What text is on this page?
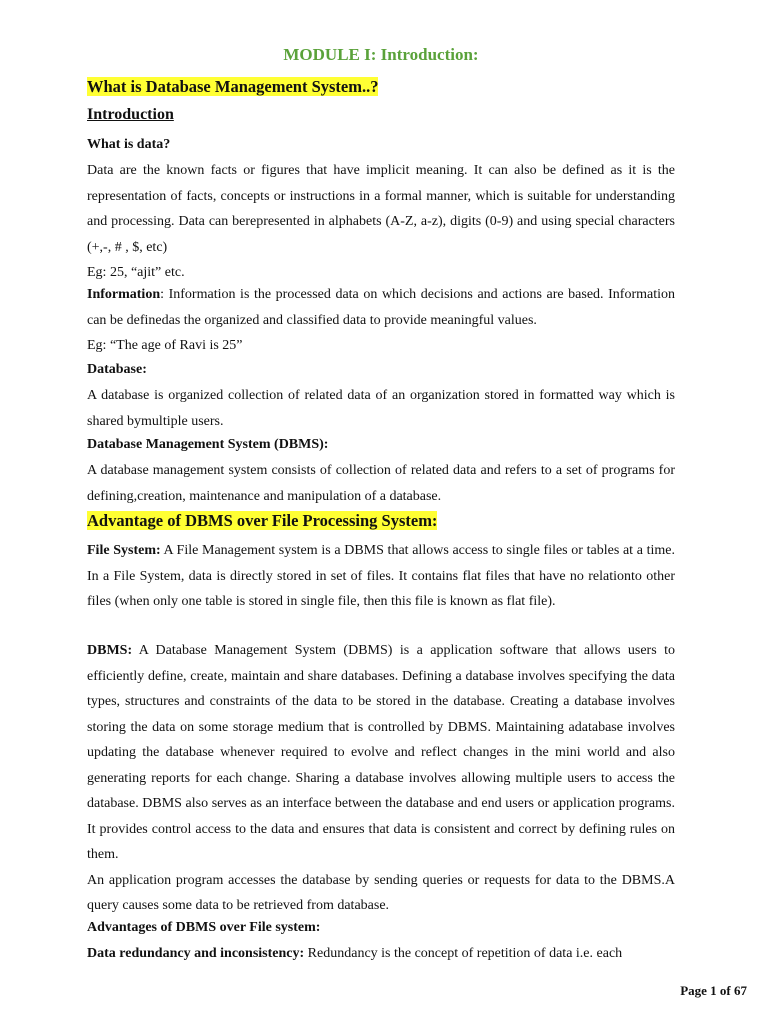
MODULE I: Introduction:
What is Database Management System..?
Introduction
What is data?

Data are the known facts or figures that have implicit meaning. It can also be defined as it is the representation of facts, concepts or instructions in a formal manner, which is suitable for understanding and processing. Data can berepresented in alphabets (A-Z, a-z), digits (0-9) and using special characters (+,-, # , $, etc)

Eg: 25, “ajit” etc.

Information: Information is the processed data on which decisions and actions are based. Information can be definedas the organized and classified data to provide meaningful values.

Eg: “The age of Ravi is 25”

Database:

A database is organized collection of related data of an organization stored in formatted way which is shared bymultiple users.

Database Management System (DBMS):

A database management system consists of collection of related data and refers to a set of programs for defining,creation, maintenance and manipulation of a database.

Advantage of DBMS over File Processing System:

File System: A File Management system is a DBMS that allows access to single files or tables at a time. In a File System, data is directly stored in set of files. It contains flat files that have no relationto other files (when only one table is stored in single file, then this file is known as flat file).

DBMS: A Database Management System (DBMS) is a application software that allows users to efficiently define, create, maintain and share databases. Defining a database involves specifying the data types, structures and constraints of the data to be stored in the database. Creating a database involves storing the data on some storage medium that is controlled by DBMS. Maintaining adatabase involves updating the database whenever required to evolve and reflect changes in the mini world and also generating reports for each change. Sharing a database involves allowing multiple users to access the database. DBMS also serves as an interface between the database and end users or application programs. It provides control access to the data and ensures that data is consistent and correct by defining rules on them.

An application program accesses the database by sending queries or requests for data to the DBMS.A query causes some data to be retrieved from database.

Advantages of DBMS over File system:

Data redundancy and inconsistency: Redundancy is the concept of repetition of data i.e. each

Page 1 of 67
